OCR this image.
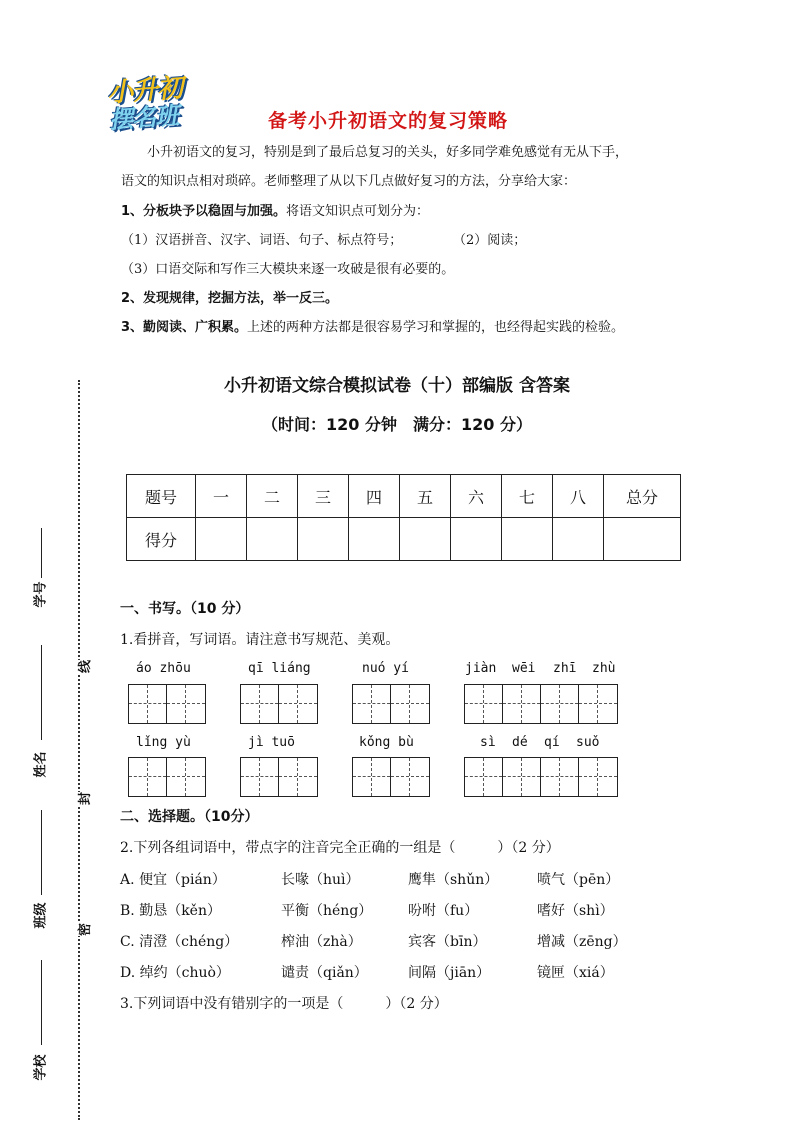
小升初
摆名班	备考小升初语文的复习策略
小升初语文的复习，特别是到了最后总复习的关头，好多同学难免感觉有无从下手，
语文的知识点相对琐碎。老师整理了从以下几点做好复习的方法，分享给大家：
1、分板块予以稳固与加强。将语文知识点可划分为：
（1）汉语拼音、汉字、词语、句子、标点符号；	（2）阅读；
（3）口语交际和写作三大模块来逐一攻破是很有必要的。
2、发现规律，挖掘方法，举一反三。
3、勤阅读、广积累。上述的两种方法都是很容易学习和掌握的，也经得起实践的检验。
小升初语文综合模拟试卷（十）部编版 含答案
（时间：120 分钟　满分：120 分）
题号	一	二	三	四	五	六	七	八	总分
得分									
一、书写。（10 分）
1.看拼音，写词语。请注意书写规范、美观。
áo zhōu	qī liáng	nuó yí	jiàn wēi zhī zhù
lǐng yù	jì tuō	kǒng bù	sì dé qí suǒ
二、选择题。（10分）
2.下列各组词语中，带点字的注音完全正确的一组是（　　　）（2 分）
A. 便宜（pián）	长喙（huì）	鹰隼（shǔn）	喷气（pēn）
B. 勤恳（kěn）	平衡（héng）	吩咐（fu）	嗜好（shì）
C. 清澄（chéng）	榨油（zhà）	宾客（bīn）	增减（zēng）
D. 绰约（chuò）	谴责（qiǎn）	间隔（jiān）	镜匣（xiá）
3.下列词语中没有错别字的一项是（　　　）（2 分）
线
封
密
学号
姓名
班级
学校
